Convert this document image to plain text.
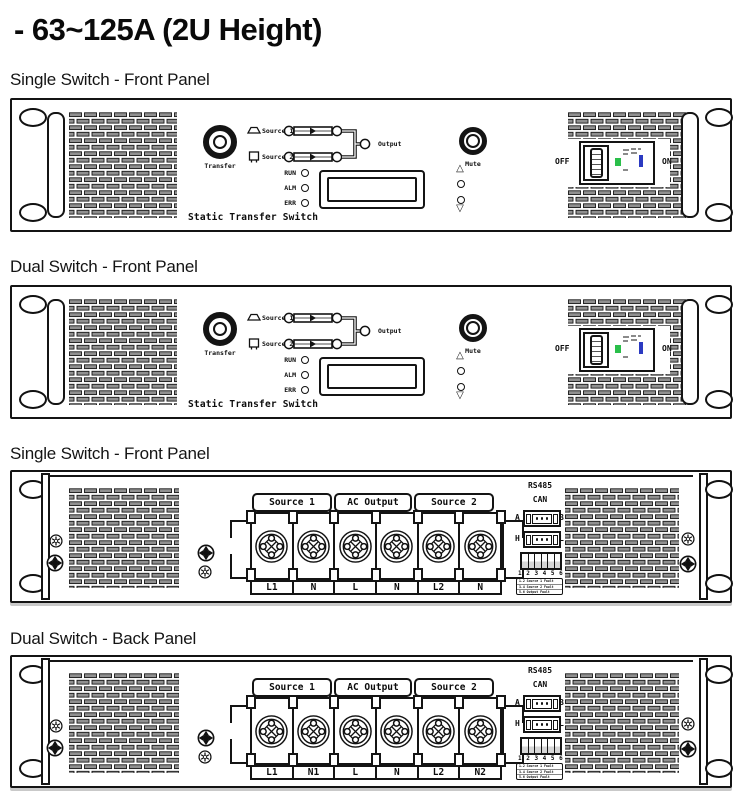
- 63~125A (2U Height)
Single Switch - Front Panel
Transfer
Source 1
Source 2
Output
RUN
ALM
ERR
△
▽
Static Transfer Switch
Mute	OFF	ON
Dual Switch - Front Panel
Transfer
Source 1
Source 2
Output
RUN
ALM
ERR
△
▽
Static Transfer Switch
Mute	OFF	ON
Single Switch - Front Panel
Source 1	AC Output	Source 2
L1	N	L	N	L2	N
RS485
CAN
A	B
H	L
1 2 3 4 5 6
1.2 Source 1 Fault
3.4 Source 2 Fault
5.6 Output Fault
Dual Switch - Back Panel
Source 1	AC Output	Source 2
L1	N1	L	N	L2	N2
RS485
CAN
A	B
H	L
1 2 3 4 5 6
1.2 Source 1 Fault
3.4 Source 2 Fault
5.6 Output Fault
